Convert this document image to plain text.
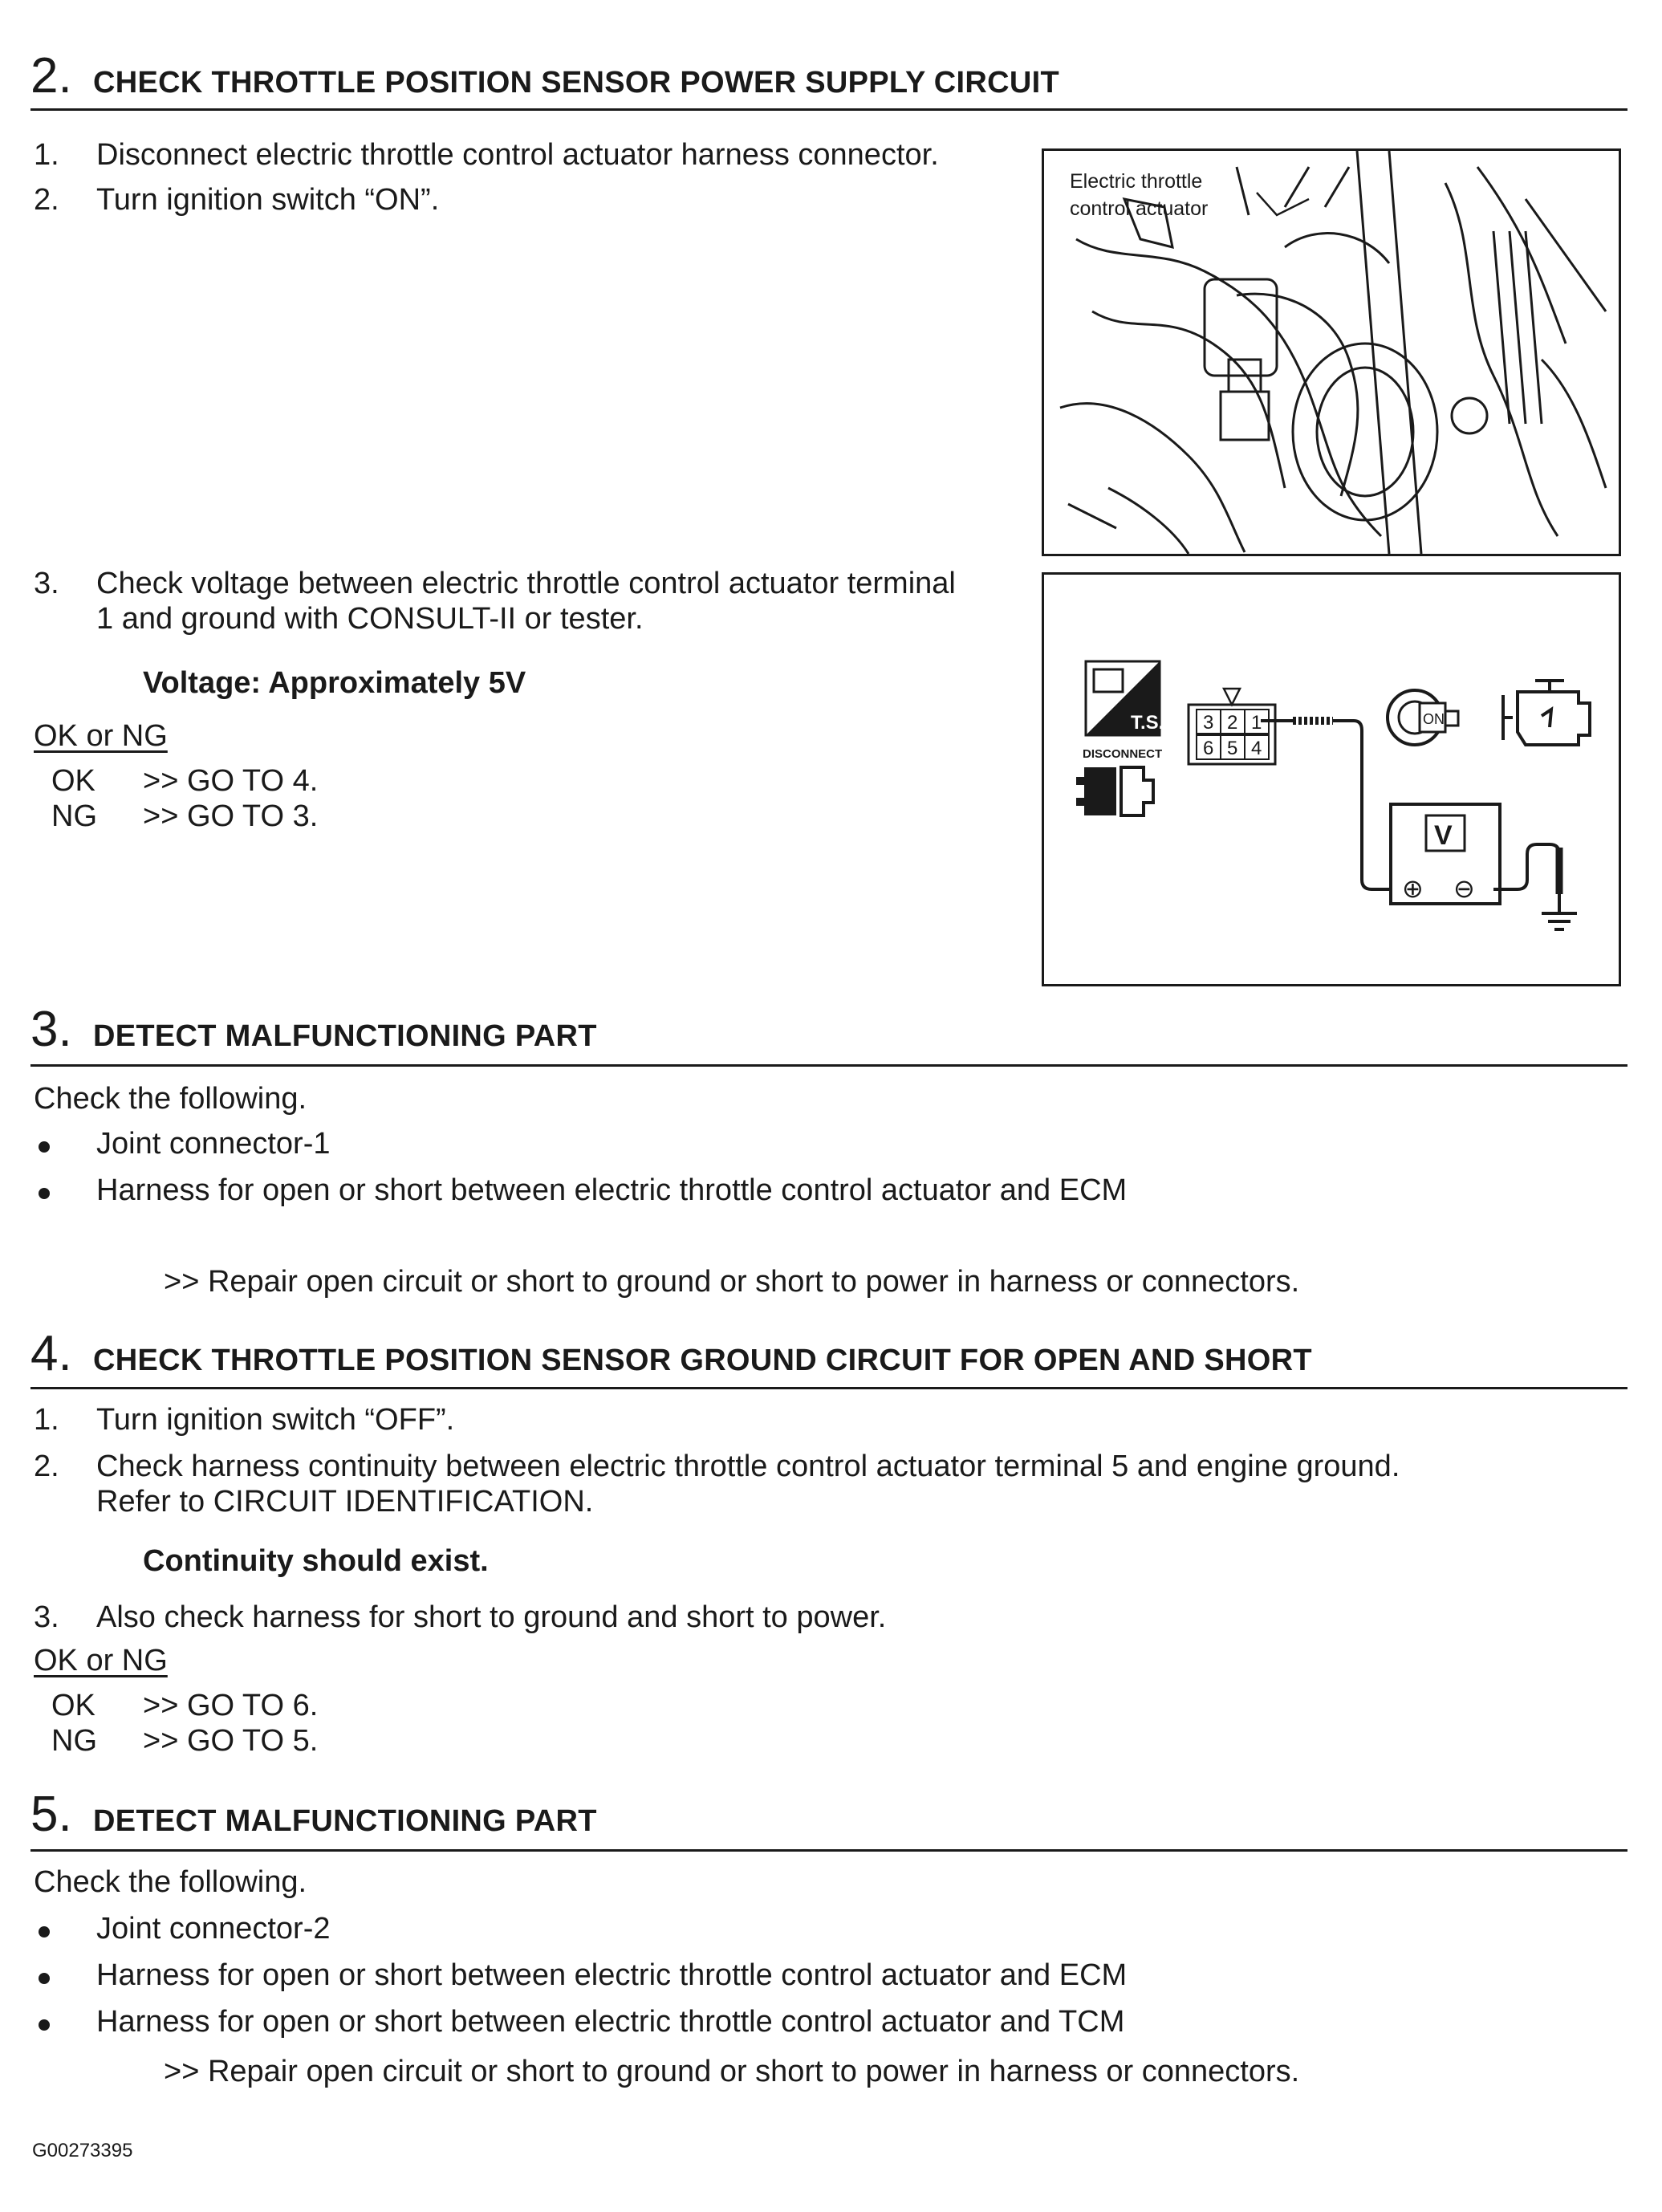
2. CHECK THROTTLE POSITION SENSOR POWER SUPPLY CIRCUIT
1. Disconnect electric throttle control actuator harness connector.
2. Turn ignition switch “ON”.
Electric throttle
control actuator
3. Check voltage between electric throttle control actuator terminal
1 and ground with CONSULT-II or tester.
Voltage: Approximately 5V
OK or NG
OK >> GO TO 4.
NG >> GO TO 3.
T.S.
DISCONNECT
3 2 1
6 5 4
V
⊕ ⊖
ON
3. DETECT MALFUNCTIONING PART
Check the following.
Joint connector-1
Harness for open or short between electric throttle control actuator and ECM
>> Repair open circuit or short to ground or short to power in harness or connectors.
4. CHECK THROTTLE POSITION SENSOR GROUND CIRCUIT FOR OPEN AND SHORT
1. Turn ignition switch “OFF”.
2. Check harness continuity between electric throttle control actuator terminal 5 and engine ground.
Refer to CIRCUIT IDENTIFICATION.
Continuity should exist.
3. Also check harness for short to ground and short to power.
OK or NG
OK >> GO TO 6.
NG >> GO TO 5.
5. DETECT MALFUNCTIONING PART
Check the following.
Joint connector-2
Harness for open or short between electric throttle control actuator and ECM
Harness for open or short between electric throttle control actuator and TCM
>> Repair open circuit or short to ground or short to power in harness or connectors.
G00273395
